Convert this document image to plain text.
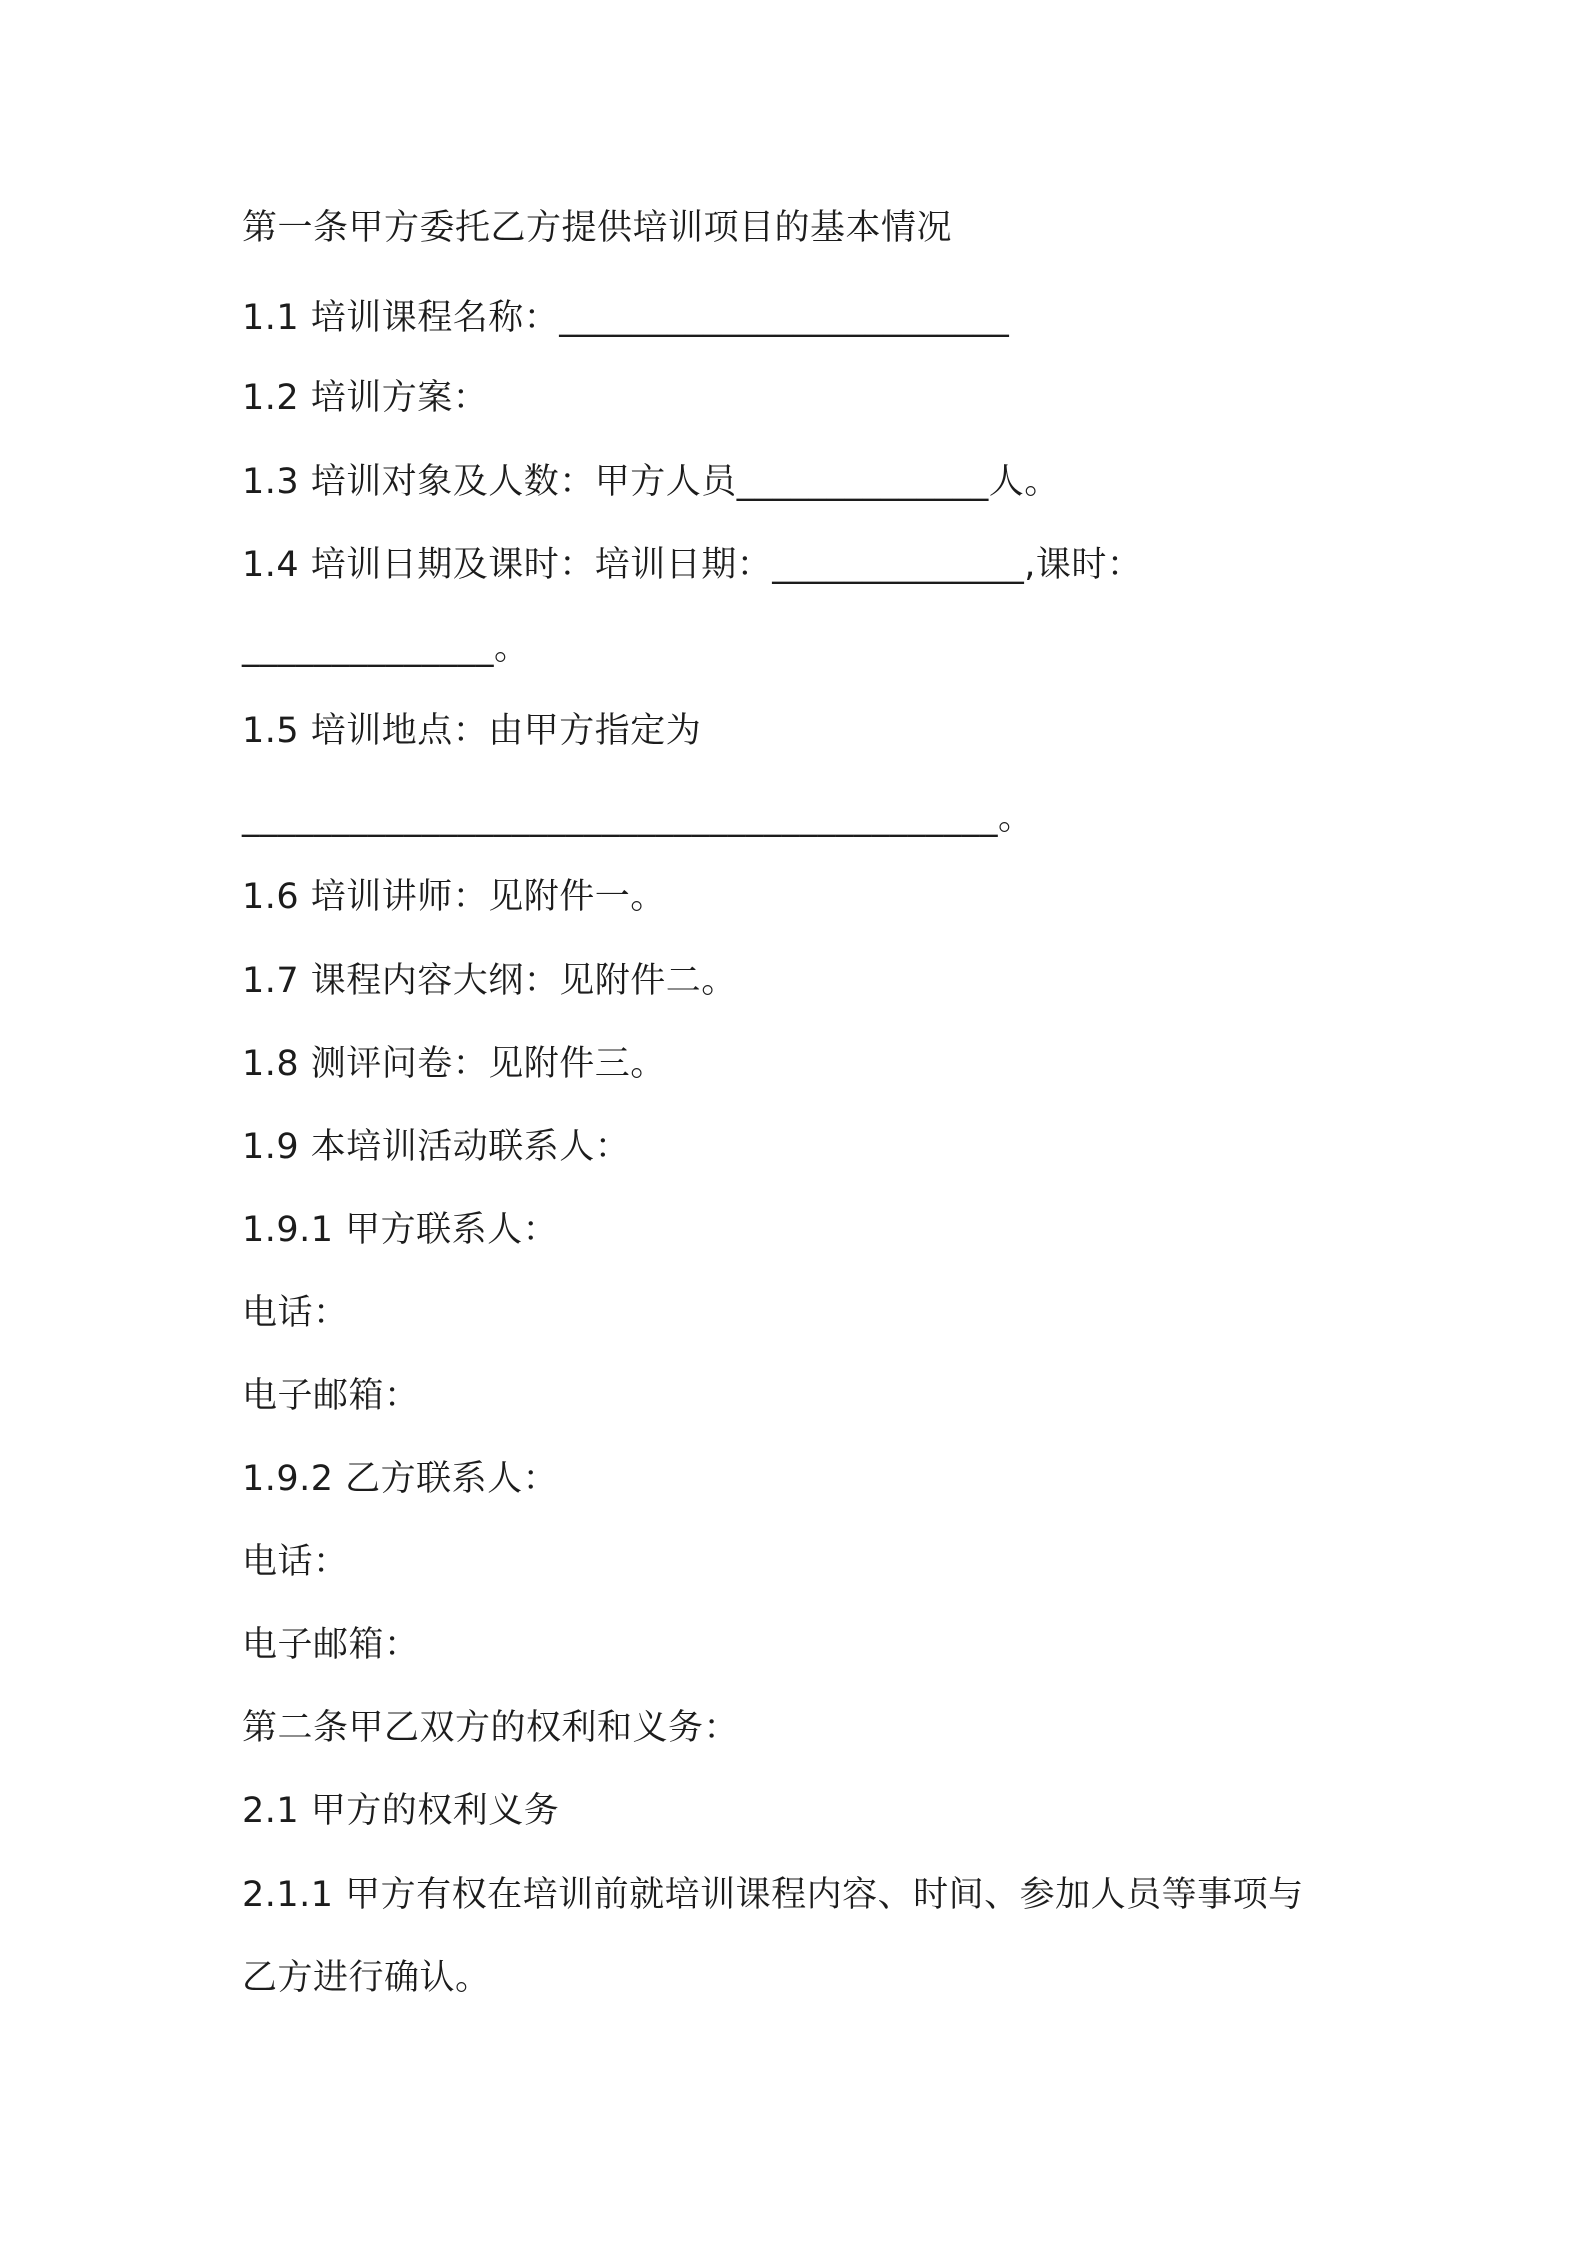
第一条甲方委托乙方提供培训项目的基本情况
1.1 培训课程名称：_________________________
1.2 培训方案：
1.3 培训对象及人数：甲方人员______________人。
1.4 培训日期及课时：培训日期：______________,课时：
______________。
1.5 培训地点：由甲方指定为
__________________________________________。
1.6 培训讲师：见附件一。
1.7 课程内容大纲：见附件二。
1.8 测评问卷：见附件三。
1.9 本培训活动联系人：
1.9.1 甲方联系人：
电话：
电子邮箱：
1.9.2 乙方联系人：
电话：
电子邮箱：
第二条甲乙双方的权利和义务：
2.1 甲方的权利义务
2.1.1 甲方有权在培训前就培训课程内容、时间、参加人员等事项与
乙方进行确认。
